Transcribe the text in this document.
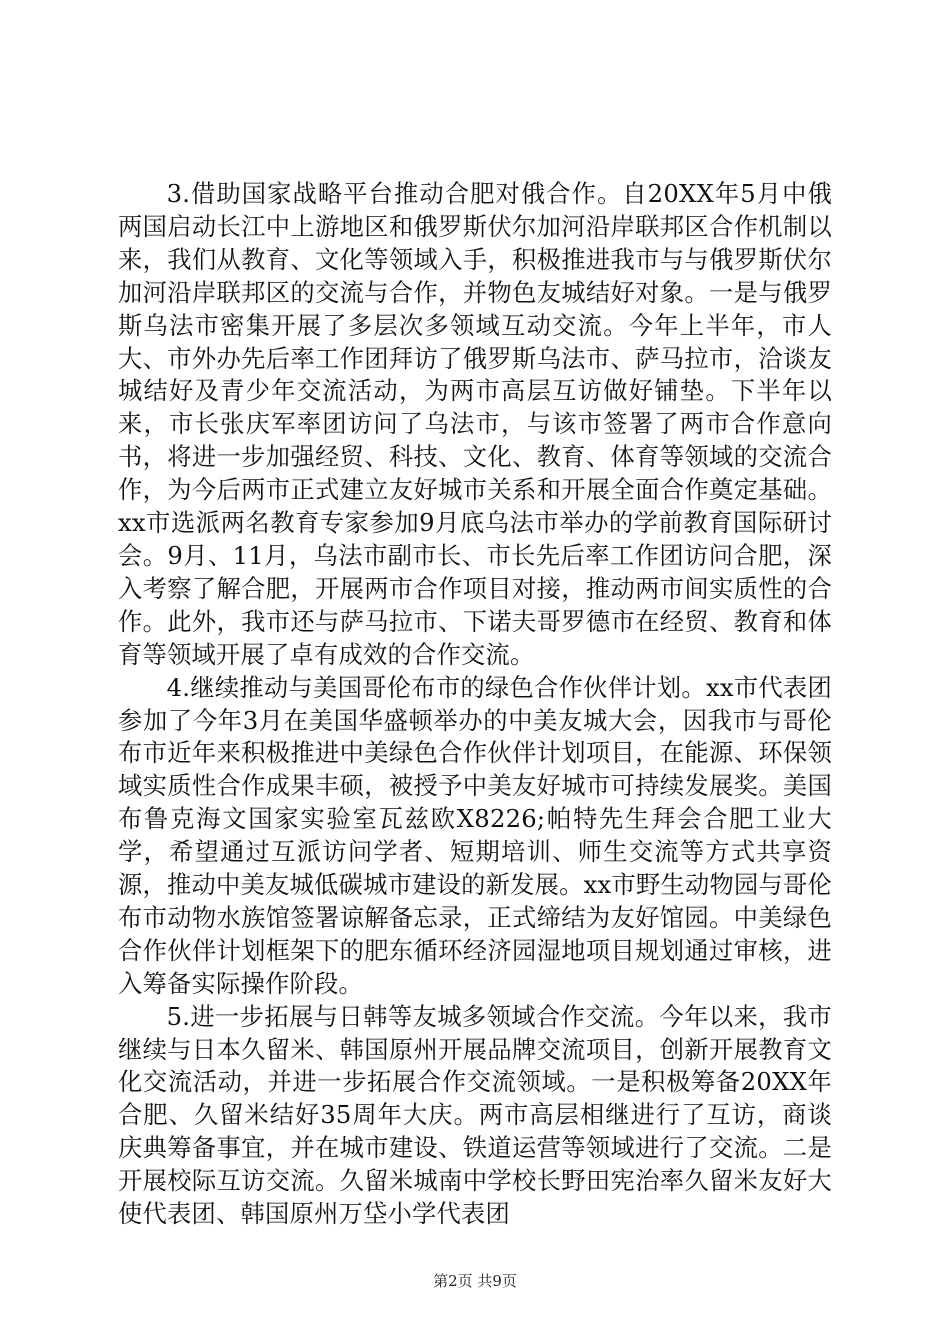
3.借助国家战略平台推动合肥对俄合作。自20XX年5月中俄两国启动长江中上游地区和俄罗斯伏尔加河沿岸联邦区合作机制以来，我们从教育、文化等领域入手，积极推进我市与与俄罗斯伏尔加河沿岸联邦区的交流与合作，并物色友城结好对象。一是与俄罗斯乌法市密集开展了多层次多领域互动交流。今年上半年，市人大、市外办先后率工作团拜访了俄罗斯乌法市、萨马拉市，洽谈友城结好及青少年交流活动，为两市高层互访做好铺垫。下半年以来，市长张庆军率团访问了乌法市，与该市签署了两市合作意向书，将进一步加强经贸、科技、文化、教育、体育等领域的交流合作，为今后两市正式建立友好城市关系和开展全面合作奠定基础。xx市选派两名教育专家参加9月底乌法市举办的学前教育国际研讨会。9月、11月，乌法市副市长、市长先后率工作团访问合肥，深入考察了解合肥，开展两市合作项目对接，推动两市间实质性的合作。此外，我市还与萨马拉市、下诺夫哥罗德市在经贸、教育和体育等领域开展了卓有成效的合作交流。

4.继续推动与美国哥伦布市的绿色合作伙伴计划。xx市代表团参加了今年3月在美国华盛顿举办的中美友城大会，因我市与哥伦布市近年来积极推进中美绿色合作伙伴计划项目，在能源、环保领域实质性合作成果丰硕，被授予中美友好城市可持续发展奖。美国布鲁克海文国家实验室瓦兹欧X8226;帕特先生拜会合肥工业大学，希望通过互派访问学者、短期培训、师生交流等方式共享资源，推动中美友城低碳城市建设的新发展。xx市野生动物园与哥伦布市动物水族馆签署谅解备忘录，正式缔结为友好馆园。中美绿色合作伙伴计划框架下的肥东循环经济园湿地项目规划通过审核，进入筹备实际操作阶段。

5.进一步拓展与日韩等友城多领域合作交流。今年以来，我市继续与日本久留米、韩国原州开展品牌交流项目，创新开展教育文化交流活动，并进一步拓展合作交流领域。一是积极筹备20XX年合肥、久留米结好35周年大庆。两市高层相继进行了互访，商谈庆典筹备事宜，并在城市建设、铁道运营等领域进行了交流。二是开展校际互访交流。久留米城南中学校长野田宪治率久留米友好大使代表团、韩国原州万垈小学代表团

第2页 共9页
